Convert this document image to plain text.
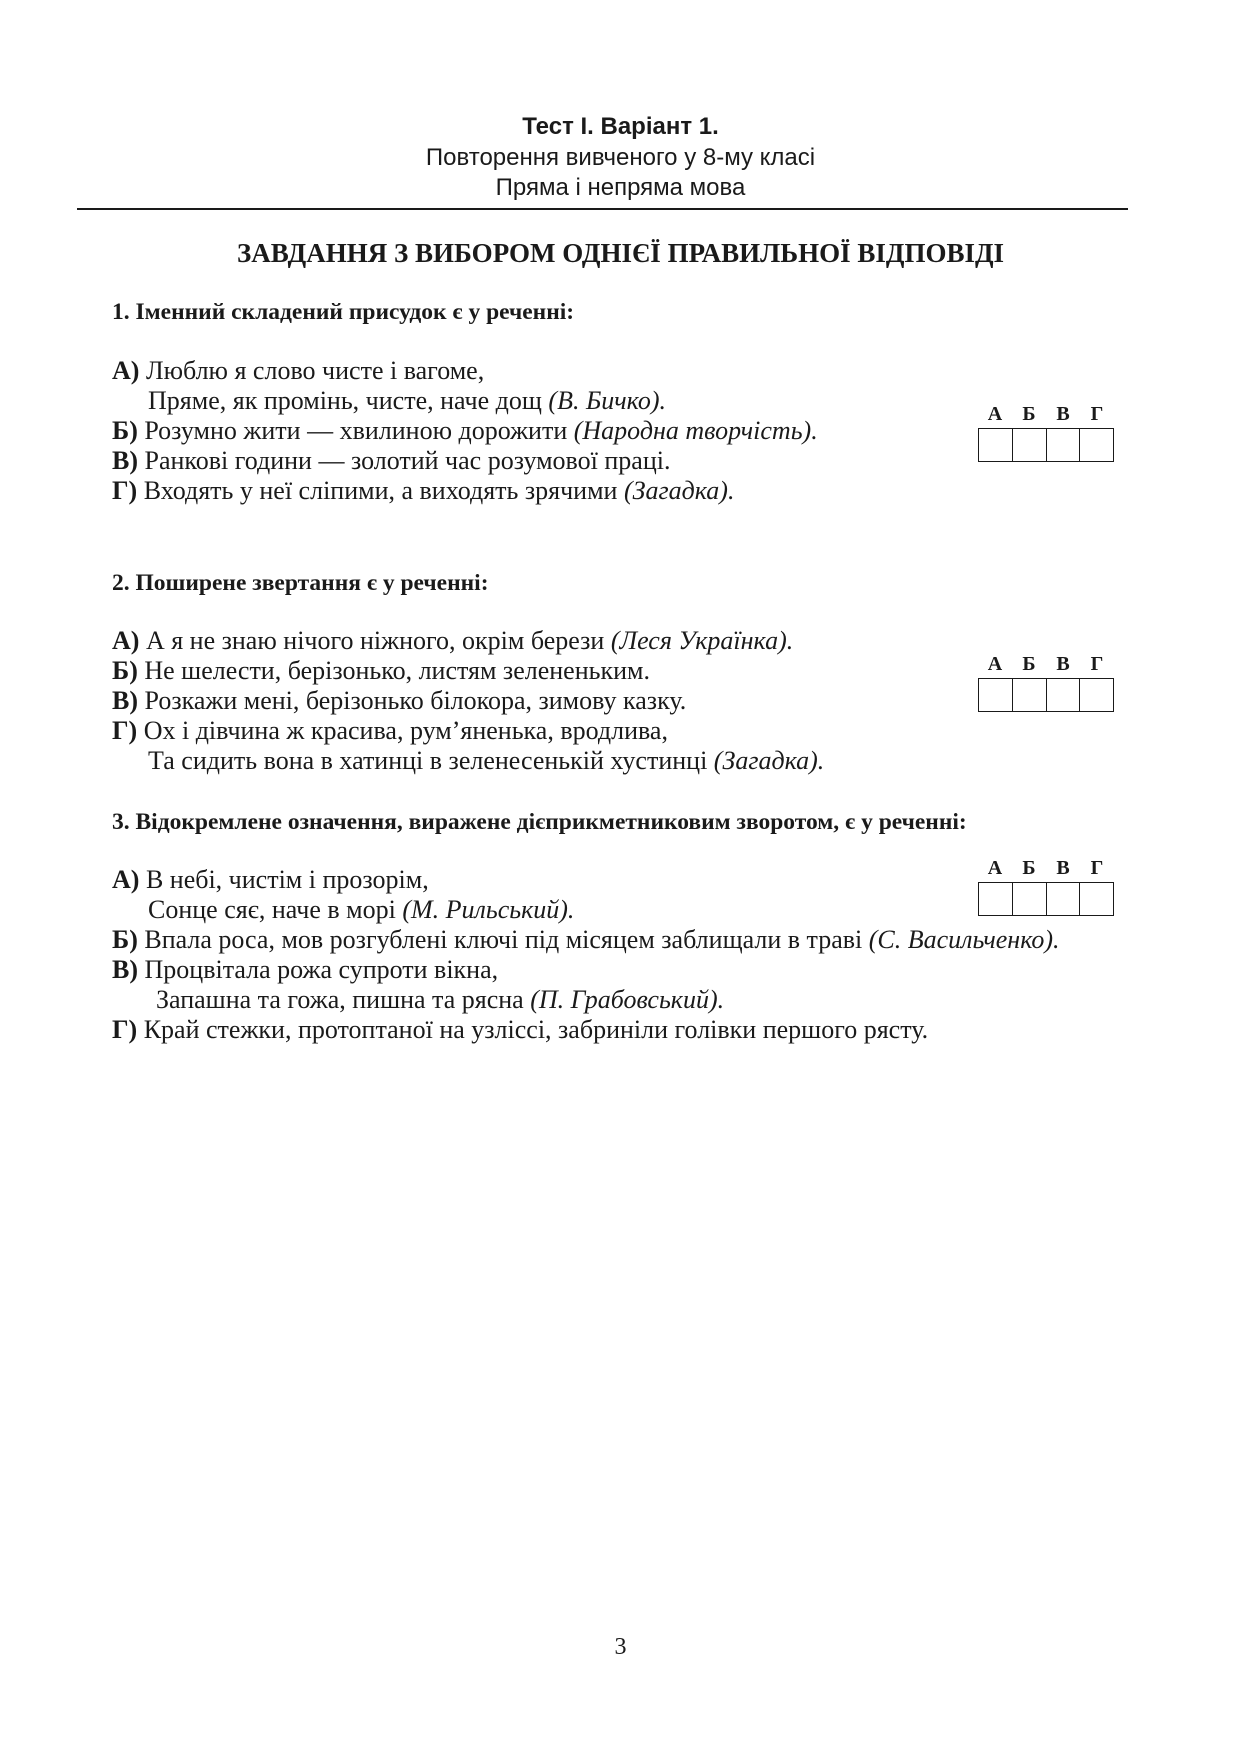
Тест І. Варіант 1.
Повторення вивченого у 8-му класі
Пряма і непряма мова
ЗАВДАННЯ З ВИБОРОМ ОДНІЄЇ ПРАВИЛЬНОЇ ВІДПОВІДІ
1. Іменний складений присудок є у реченні:
А) Люблю я слово чисте і вагоме,
Пряме, як промінь, чисте, наче дощ (В. Бичко).
Б) Розумно жити — хвилиною дорожити (Народна творчість).
В) Ранкові години — золотий час розумової праці.
Г) Входять у неї сліпими, а виходять зрячими (Загадка).
А	Б	В	Г
2. Поширене звертання є у реченні:
А) А я не знаю нічого ніжного, окрім берези (Леся Українка).
Б) Не шелести, берізонько, листям зелененьким.
В) Розкажи мені, берізонько білокора, зимову казку.
Г) Ох і дівчина ж красива, рум’яненька, вродлива,
Та сидить вона в хатинці в зеленесенькій хустинці (Загадка).
А	Б	В	Г
3. Відокремлене означення, виражене дієприкметниковим зворотом, є у реченні:
А) В небі, чистім і прозорім,
Сонце сяє, наче в морі (М. Рильський).
Б) Впала роса, мов розгублені ключі під місяцем заблищали в траві (С. Васильченко).
В) Процвітала рожа супроти вікна,
Запашна та гожа, пишна та рясна (П. Грабовський).
Г) Край стежки, протоптаної на узліссі, забриніли голівки першого рясту.
А	Б	В	Г
3
